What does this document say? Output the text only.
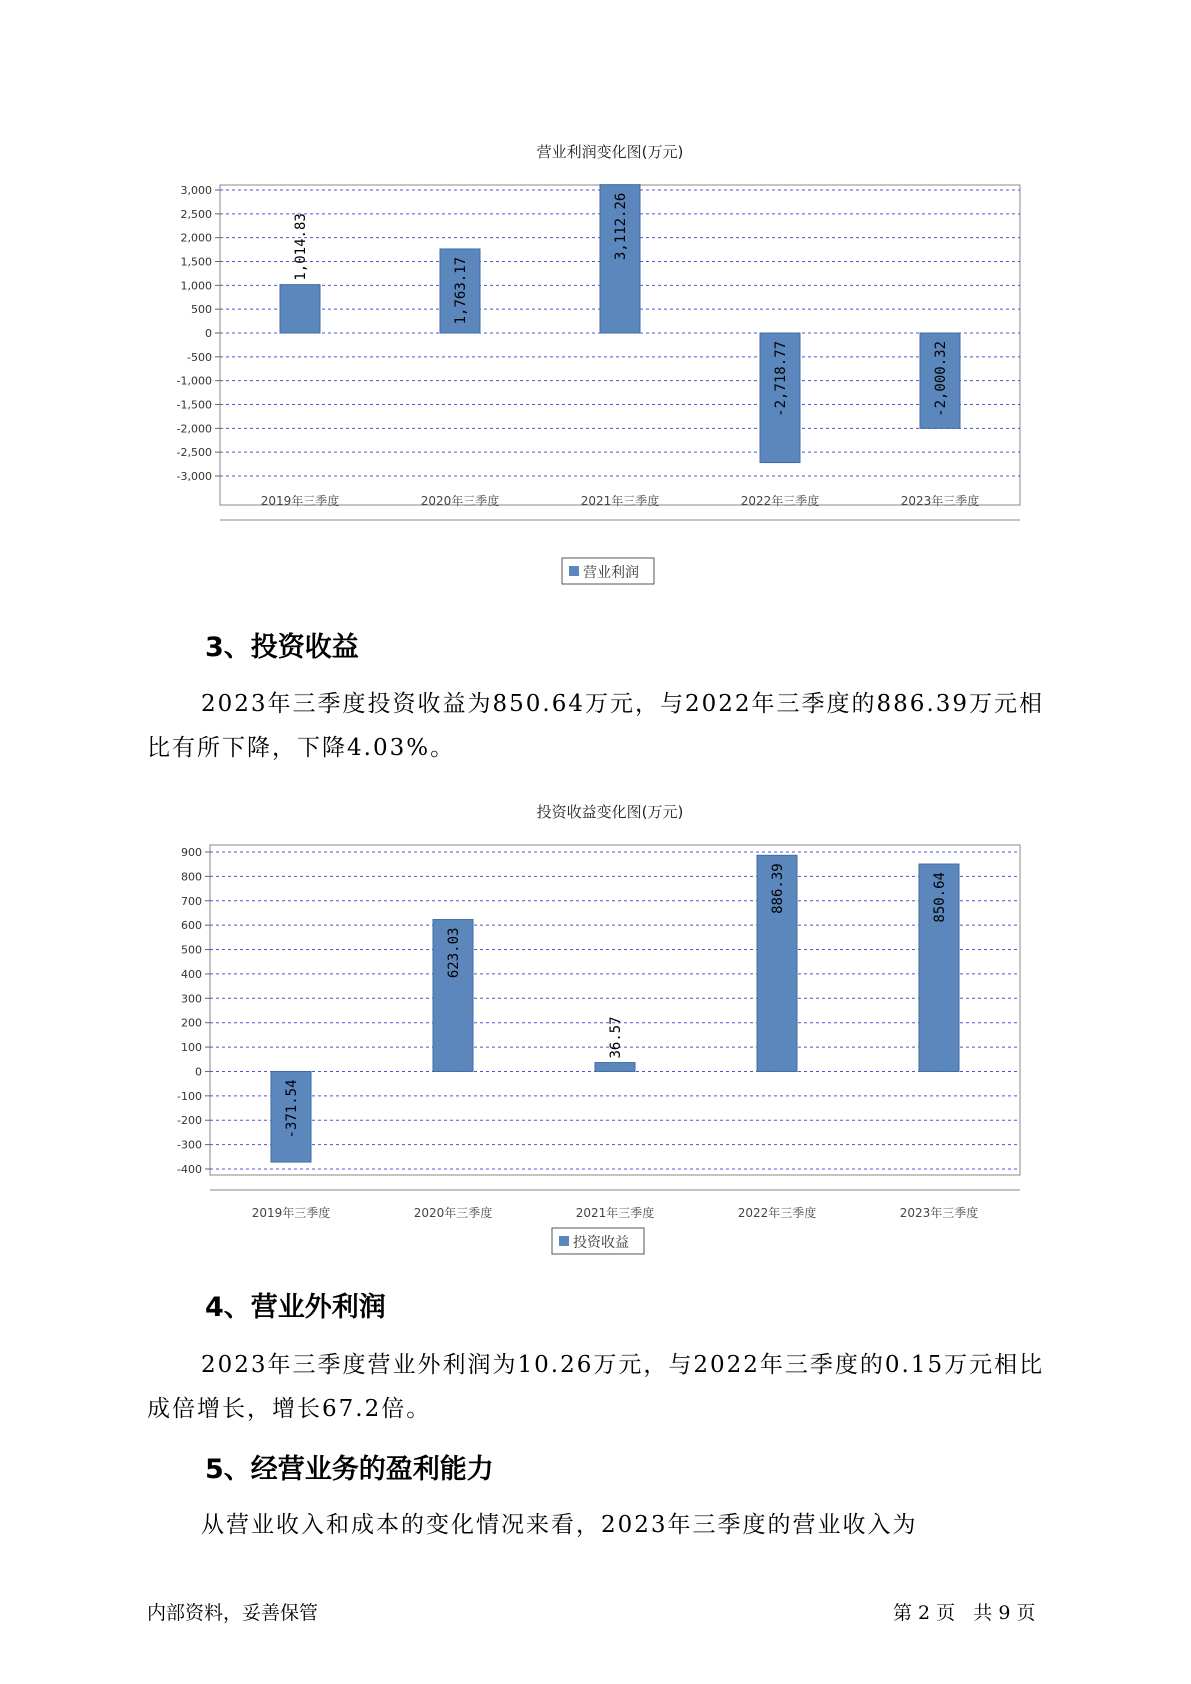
营业利润变化图(万元)
3,000
2,500
2,000
1,500
1,000
500
0
-500
-1,000
-1,500
-2,000
-2,500
-3,000
1,014.83
1,763.17
3,112.26
-2,718.77	-2,000.32
2019年三季度	2020年三季度	2021年三季度	2022年三季度	2023年三季度
营业利润
3、投资收益

2023年三季度投资收益为850.64万元，与2022年三季度的886.39万元相比有所下降，下降4.03%。

投资收益变化图(万元)
900
800
700
600
500
400
300
200
100
0
-100
-200
-300
-400
-371.54
623.03
36.57
886.39	850.64
2019年三季度	2020年三季度	2021年三季度	2022年三季度	2023年三季度
投资收益
4、营业外利润

2023年三季度营业外利润为10.26万元，与2022年三季度的0.15万元相比成倍增长，增长67.2倍。

5、经营业务的盈利能力

从营业收入和成本的变化情况来看，2023年三季度的营业收入为

内部资料，妥善保管	第 2 页   共 9 页
